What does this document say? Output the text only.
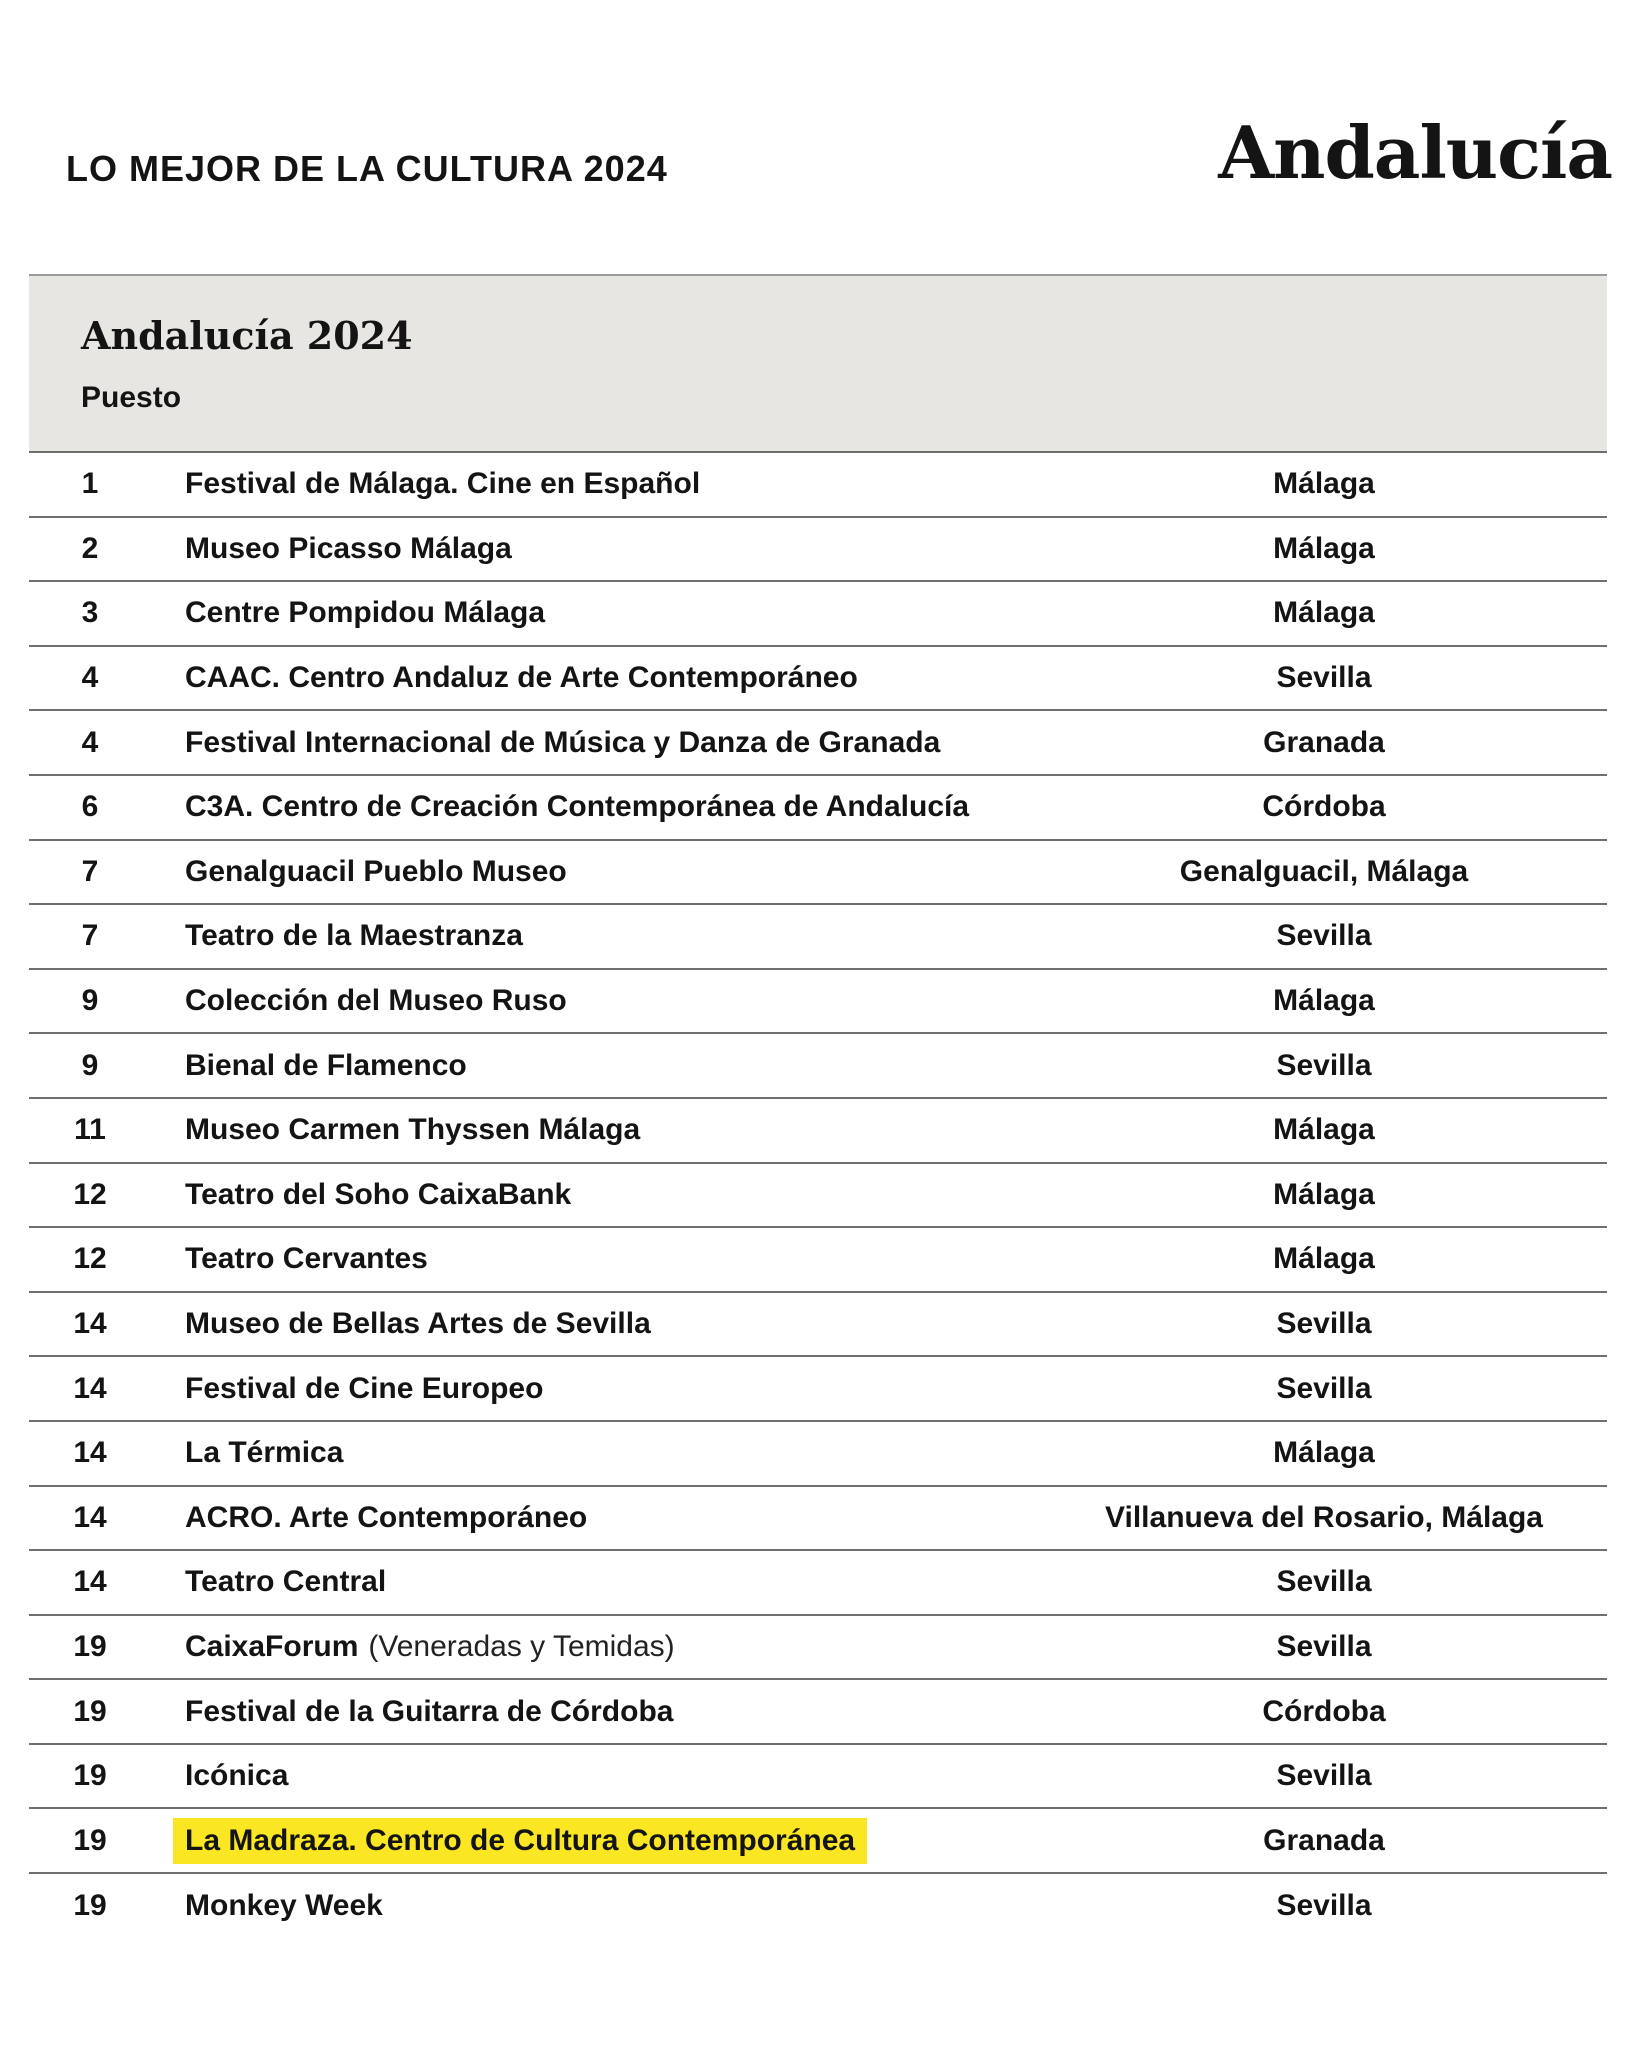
LO MEJOR DE LA CULTURA 2024	Andalucía
Andalucía 2024
Puesto
1	Festival de Málaga. Cine en Español	Málaga
2	Museo Picasso Málaga	Málaga
3	Centre Pompidou Málaga	Málaga
4	CAAC. Centro Andaluz de Arte Contemporáneo	Sevilla
4	Festival Internacional de Música y Danza de Granada	Granada
6	C3A. Centro de Creación Contemporánea de Andalucía	Córdoba
7	Genalguacil Pueblo Museo	Genalguacil, Málaga
7	Teatro de la Maestranza	Sevilla
9	Colección del Museo Ruso	Málaga
9	Bienal de Flamenco	Sevilla
11	Museo Carmen Thyssen Málaga	Málaga
12	Teatro del Soho CaixaBank	Málaga
12	Teatro Cervantes	Málaga
14	Museo de Bellas Artes de Sevilla	Sevilla
14	Festival de Cine Europeo	Sevilla
14	La Térmica	Málaga
14	ACRO. Arte Contemporáneo	Villanueva del Rosario, Málaga
14	Teatro Central	Sevilla
19	CaixaForum (Veneradas y Temidas)	Sevilla
19	Festival de la Guitarra de Córdoba	Córdoba
19	Icónica	Sevilla
19	La Madraza. Centro de Cultura Contemporánea	Granada
19	Monkey Week	Sevilla
